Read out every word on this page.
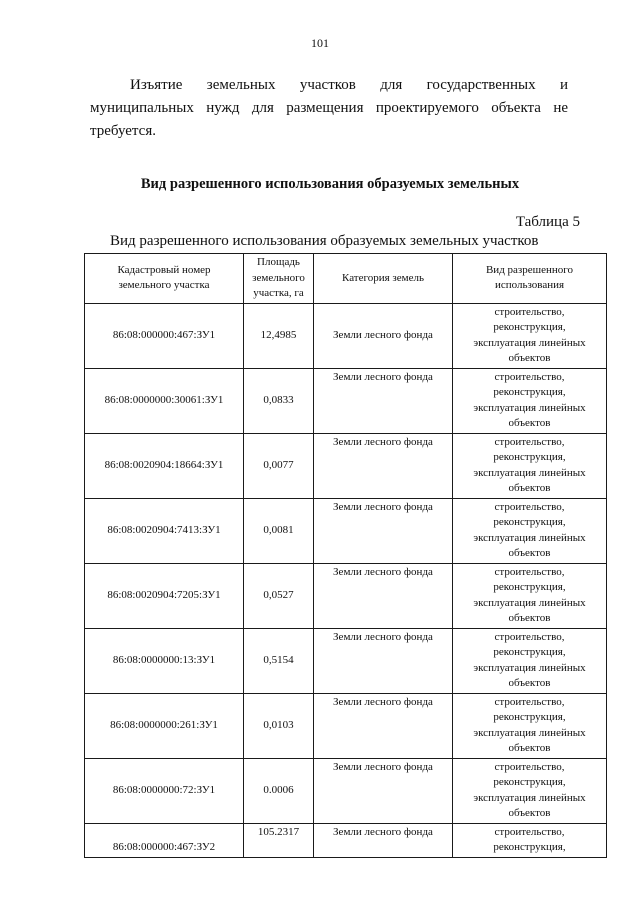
101

Изъятие земельных участков для государственных и

муниципальных нужд для размещения проектируемого объекта не

требуется.

Вид разрешенного использования образуемых земельных
Таблица 5
Вид разрешенного использования образуемых земельных участков
Кадастровый номер
земельного участка	Площадь
земельного
участка, га	Категория земель	Вид разрешенного
использования
86:08:000000:467:ЗУ1	12,4985	Земли лесного фонда	строительство,
реконструкция,
эксплуатация линейных
объектов
86:08:0000000:30061:ЗУ1	0,0833	Земли лесного фонда	строительство,
реконструкция,
эксплуатация линейных
объектов
86:08:0020904:18664:ЗУ1	0,0077	Земли лесного фонда	строительство,
реконструкция,
эксплуатация линейных
объектов
86:08:0020904:7413:ЗУ1	0,0081	Земли лесного фонда	строительство,
реконструкция,
эксплуатация линейных
объектов
86:08:0020904:7205:ЗУ1	0,0527	Земли лесного фонда	строительство,
реконструкция,
эксплуатация линейных
объектов
86:08:0000000:13:ЗУ1	0,5154	Земли лесного фонда	строительство,
реконструкция,
эксплуатация линейных
объектов
86:08:0000000:261:ЗУ1	0,0103	Земли лесного фонда	строительство,
реконструкция,
эксплуатация линейных
объектов
86:08:0000000:72:ЗУ1	0.0006	Земли лесного фонда	строительство,
реконструкция,
эксплуатация линейных
объектов
86:08:000000:467:ЗУ2	105.2317	Земли лесного фонда	строительство,
реконструкция,
